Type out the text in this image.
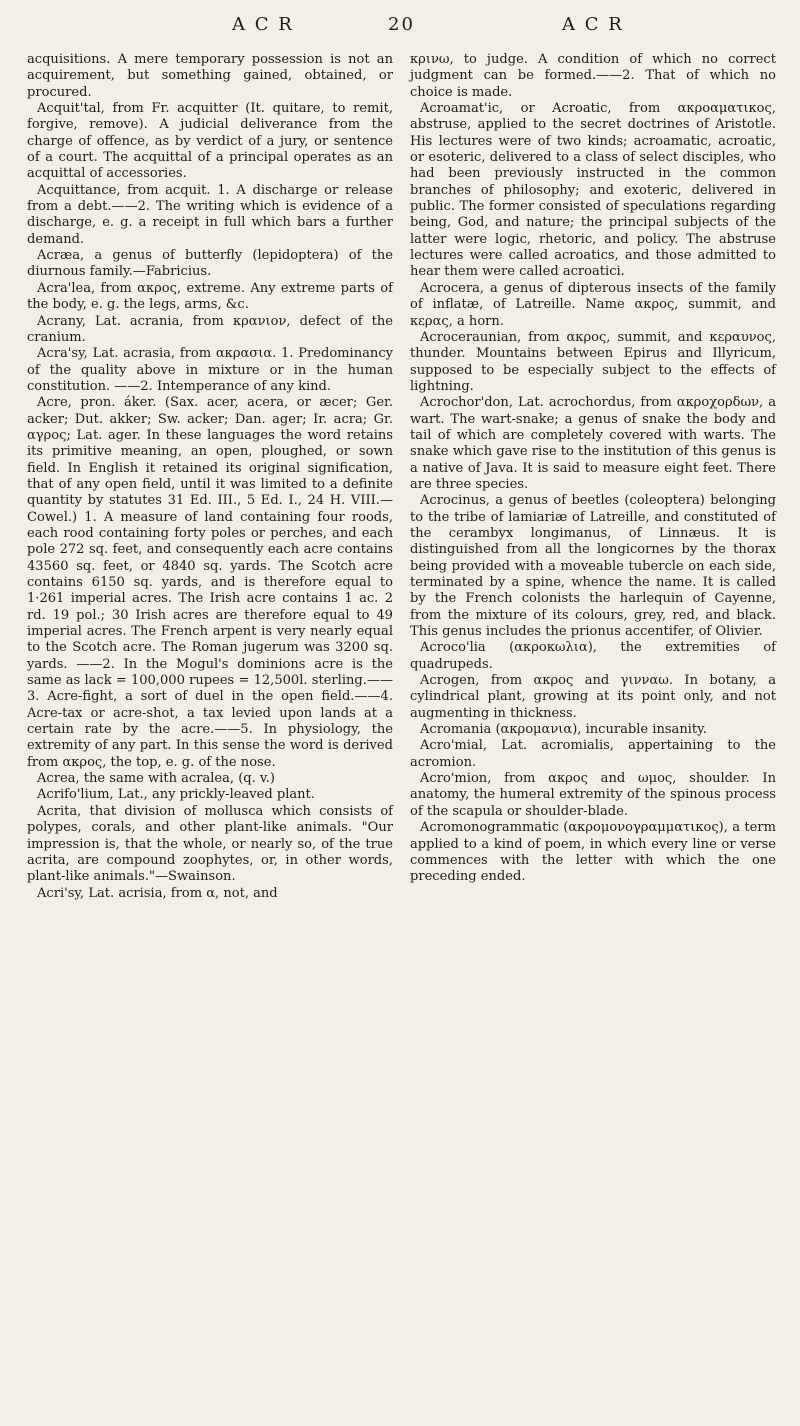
A C R	20	A C R

acquisitions. A mere temporary possession is not an acquirement, but something gained, obtained, or procured.

Acquit'tal, from Fr. acquitter (It. quitare, to remit, forgive, remove). A judicial deliverance from the charge of offence, as by verdict of a jury, or sentence of a court. The acquittal of a principal operates as an acquittal of accessories.

Acquittance, from acquit. 1. A discharge or release from a debt.——2. The writing which is evidence of a discharge, e. g. a receipt in full which bars a further demand.

Acræa, a genus of butterfly (lepidoptera) of the diurnous family.—Fabricius.

Acra'lea, from ακρος, extreme. Any extreme parts of the body, e. g. the legs, arms, &c.

Acrany, Lat. acrania, from κρανιον, defect of the cranium.

Acra'sy, Lat. acrasia, from ακρασια. 1. Predominancy of the quality above in mixture or in the human constitution. ——2. Intemperance of any kind.

Acre, pron. áker. (Sax. acer, acera, or æcer; Ger. acker; Dut. akker; Sw. acker; Dan. ager; Ir. acra; Gr. αγρος; Lat. ager. In these languages the word retains its primitive meaning, an open, ploughed, or sown field. In English it retained its original signification, that of any open field, until it was limited to a definite quantity by statutes 31 Ed. III., 5 Ed. I., 24 H. VIII.—Cowel.) 1. A measure of land containing four roods, each rood containing forty poles or perches, and each pole 272 sq. feet, and consequently each acre contains 43560 sq. feet, or 4840 sq. yards. The Scotch acre contains 6150 sq. yards, and is therefore equal to 1·261 imperial acres. The Irish acre contains 1 ac. 2 rd. 19 pol.; 30 Irish acres are therefore equal to 49 imperial acres. The French arpent is very nearly equal to the Scotch acre. The Roman jugerum was 3200 sq. yards. ——2. In the Mogul's dominions acre is the same as lack = 100,000 rupees = 12,500l. sterling.——3. Acre-fight, a sort of duel in the open field.——4. Acre-tax or acre-shot, a tax levied upon lands at a certain rate by the acre.——5. In physiology, the extremity of any part. In this sense the word is derived from ακρος, the top, e. g. of the nose.

Acrea, the same with acralea, (q. v.)

Acrifo'lium, Lat., any prickly-leaved plant.

Acrita, that division of mollusca which consists of polypes, corals, and other plant-like animals. "Our impression is, that the whole, or nearly so, of the true acrita, are compound zoophytes, or, in other words, plant-like animals."—Swainson.

Acri'sy, Lat. acrisia, from α, not, and

κρινω, to judge. A condition of which no correct judgment can be formed.——2. That of which no choice is made.

Acroamat'ic, or Acroatic, from ακροαματικος, abstruse, applied to the secret doctrines of Aristotle. His lectures were of two kinds; acroamatic, acroatic, or esoteric, delivered to a class of select disciples, who had been previously instructed in the common branches of philosophy; and exoteric, delivered in public. The former consisted of speculations regarding being, God, and nature; the principal subjects of the latter were logic, rhetoric, and policy. The abstruse lectures were called acroatics, and those admitted to hear them were called acroatici.

Acrocera, a genus of dipterous insects of the family of inflatæ, of Latreille. Name ακρος, summit, and κερας, a horn.

Acroceraunian, from ακρος, summit, and κεραυνος, thunder. Mountains between Epirus and Illyricum, supposed to be especially subject to the effects of lightning.

Acrochor'don, Lat. acrochordus, from ακροχορδων, a wart. The wart-snake; a genus of snake the body and tail of which are completely covered with warts. The snake which gave rise to the institution of this genus is a native of Java. It is said to measure eight feet. There are three species.

Acrocinus, a genus of beetles (coleoptera) belonging to the tribe of lamiariæ of Latreille, and constituted of the cerambyx longimanus, of Linnæus. It is distinguished from all the longicornes by the thorax being provided with a moveable tubercle on each side, terminated by a spine, whence the name. It is called by the French colonists the harlequin of Cayenne, from the mixture of its colours, grey, red, and black. This genus includes the prionus accentifer, of Olivier.

Acroco'lia (ακροκωλια), the extremities of quadrupeds.

Acrogen, from ακρος and γινναω. In botany, a cylindrical plant, growing at its point only, and not augmenting in thickness.

Acromania (ακρομανια), incurable insanity.

Acro'mial, Lat. acromialis, appertaining to the acromion.

Acro'mion, from ακρος and ωμος, shoulder. In anatomy, the humeral extremity of the spinous process of the scapula or shoulder-blade.

Acromonogrammatic (ακρομονογραμματικος), a term applied to a kind of poem, in which every line or verse commences with the letter with which the one preceding ended.
